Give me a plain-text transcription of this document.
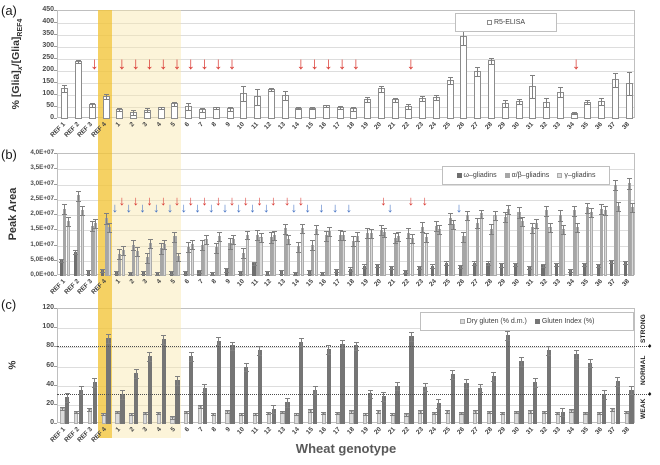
(a)
(b)
(c)
% $[Glia]_x/[Glia]_{REF4}$
Peak Area
%
↓ ↓ ↓ ↓ ↓ ↓ ↓ ↓ ↓ ↓	↓ ↓ ↓ ↓ ↓	↓	↓
↓ ↓ ↓ ↓ ↓ ↓ ↓ ↓ ↓ ↓ ↓ ↓ ↓ ↓	↓ ↓ ↓
↓ ↓ ↓ ↓ ↓ ↓ ↓ ↓ ↓ ↓ ↓ ↓ ↓ ↓ ↓ ↓ ↓	↓	↓
R5-ELISA
ω–gliadins α/β–gliadins γ–gliadins
Dry gluten (% d.m.) Gluten Index (%)
WEAK
NORMAL
STRONG
Wheat genotype
0
50
100
150
200
250
300
350
400
450
REF 1
REF 2
REF 3
REF 4 1 2 3 4 5 6 7 8 9 10 11 12 13 14 15 16 17 18 19 20 21 22 23 24 25 26 27 28 29 30 31 32 33 34 35 36 37 38
0,0E+00
5,0E+06
1,0E+07
1,5E+07
2,0E+07
2,5E+07
3,0E+07
3,5E+07
4,0E+07
REF 1
REF 2
REF 3
REF 4 1 2 3 4 5 6 7 8 9 10 11 12 13 14 15 16 17 18 19 20 21 22 23 24 25 26 27 28 29 30 31 32 33 34 35 36 37 38
0
20
40
60
80
100
120
REF 1
REF 2
REF 3
REF 4 1 2 3 4 5 6 7 8 9 10 11 12 13 14 15 16 17 18 19 20 21 22 23 24 25 26 27 28 29 30 31 32 33 34 35 36 37 38
♦
♦
